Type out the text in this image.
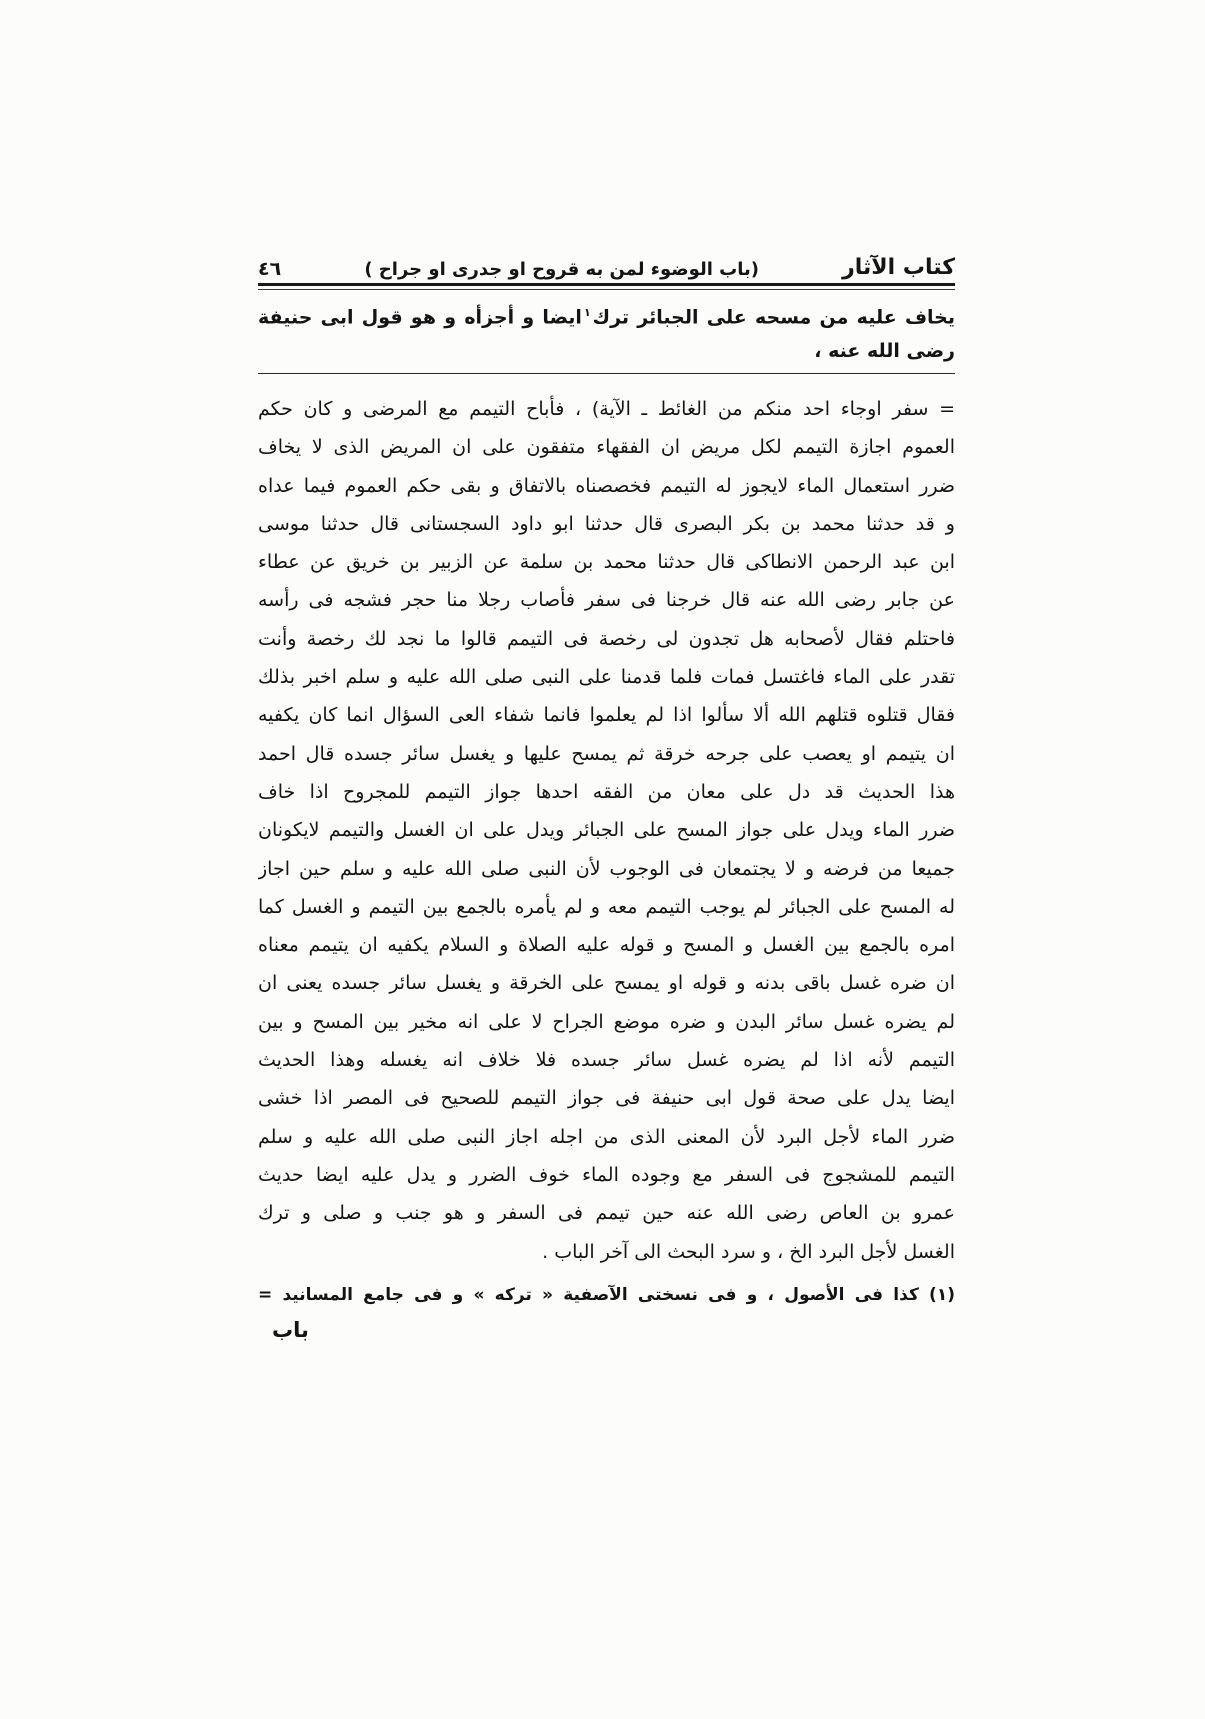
كتاب الآثار
(باب الوضوء لمن به قروح او جدرى او جراح )
٤٦
يخاف عليه من مسحه على الجبائر ترك$^١$ايضا و أجزأه و هو قول ابى حنيفة
رضى الله عنه ،
= سفر اوجاء احد منكم من الغائط ـ الآية) ، فأباح التيمم مع المرضى و كان حكم
العموم اجازة التيمم لكل مريض ان الفقهاء متفقون على ان المريض الذى لا يخاف
ضرر استعمال الماء لايجوز له التيمم فخصصناه بالاتفاق و بقى حكم العموم فيما عداه
و قد حدثنا محمد بن بكر البصرى قال حدثنا ابو داود السجستانى قال حدثنا موسى
ابن عبد الرحمن الانطاكى قال حدثنا محمد بن سلمة عن الزبير بن خريق عن عطاء
عن جابر رضى الله عنه قال خرجنا فى سفر فأصاب رجلا منا حجر فشجه فى رأسه
فاحتلم فقال لأصحابه هل تجدون لى رخصة فى التيمم قالوا ما نجد لك رخصة وأنت
تقدر على الماء فاغتسل فمات فلما قدمنا على النبى صلى الله عليه و سلم اخبر بذلك
فقال قتلوه قتلهم الله ألا سألوا اذا لم يعلموا فانما شفاء العى السؤال انما كان يكفيه
ان يتيمم او يعصب على جرحه خرقة ثم يمسح عليها و يغسل سائر جسده قال احمد
هذا الحديث قد دل على معان من الفقه احدها جواز التيمم للمجروح اذا خاف
ضرر الماء ويدل على جواز المسح على الجبائر ويدل على ان الغسل والتيمم لايكونان
جميعا من فرضه و لا يجتمعان فى الوجوب لأن النبى صلى الله عليه و سلم حين اجاز
له المسح على الجبائر لم يوجب التيمم معه و لم يأمره بالجمع بين التيمم و الغسل كما
امره بالجمع بين الغسل و المسح و قوله عليه الصلاة و السلام يكفيه ان يتيمم معناه
ان ضره غسل باقى بدنه و قوله او يمسح على الخرقة و يغسل سائر جسده يعنى ان
لم يضره غسل سائر البدن و ضره موضع الجراح لا على انه مخير بين المسح و بين
التيمم لأنه اذا لم يضره غسل سائر جسده فلا خلاف انه يغسله وهذا الحديث
ايضا يدل على صحة قول ابى حنيفة فى جواز التيمم للصحيح فى المصر اذا خشى
ضرر الماء لأجل البرد لأن المعنى الذى من اجله اجاز النبى صلى الله عليه و سلم
التيمم للمشجوج فى السفر مع وجوده الماء خوف الضرر و يدل عليه ايضا حديث
عمرو بن العاص رضى الله عنه حين تيمم فى السفر و هو جنب و صلى و ترك
الغسل لأجل البرد الخ ، و سرد البحث الى آخر الباب .
(١) كذا فى الأصول ، و فى نسختى الآصفية « تركه » و فى جامع المسانيد =
باب
